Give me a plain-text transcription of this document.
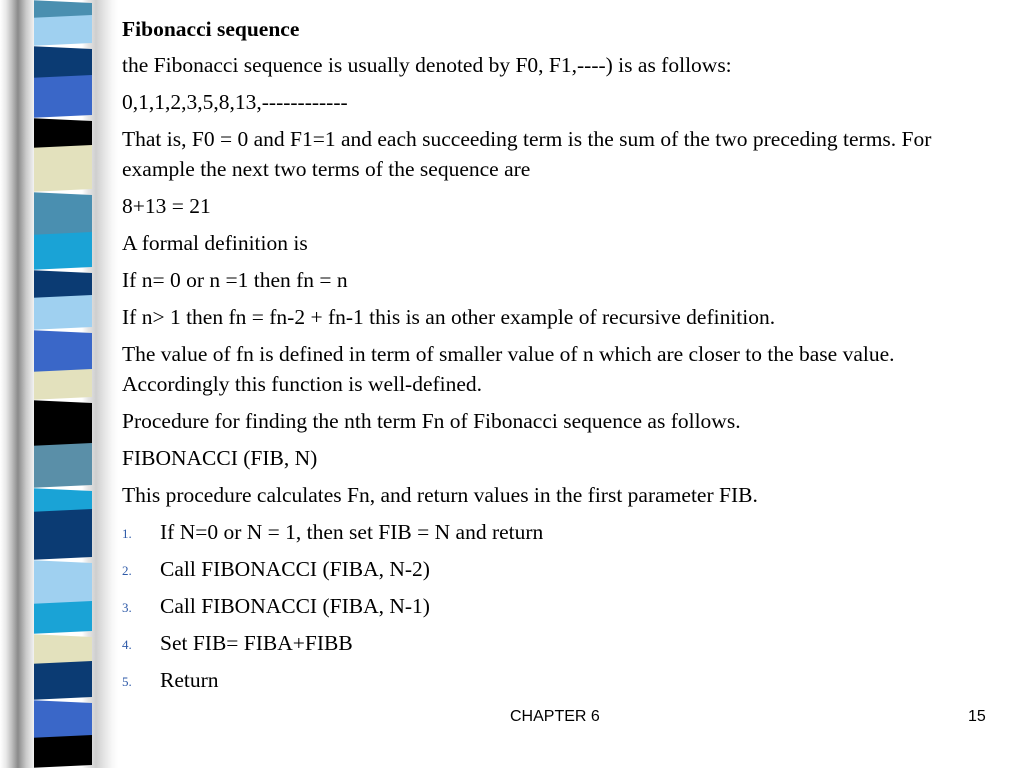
Fibonacci sequence
the Fibonacci sequence is usually denoted by F0, F1,----) is as follows:
0,1,1,2,3,5,8,13,------------
That is, F0 = 0 and F1=1 and each succeeding term is the sum of the two preceding terms. For example the next two terms of the sequence are
8+13 = 21
A formal definition is
If n= 0 or n =1 then fn = n
If n> 1 then fn = fn-2 + fn-1 this is an other example of recursive definition.
The value of fn is defined in term of smaller value of n which are closer to the base value. Accordingly this function is well-defined.
Procedure for finding the nth term Fn of Fibonacci sequence as follows.
FIBONACCI (FIB, N)
This procedure calculates Fn, and return values in the first parameter FIB.
1. If N=0 or N = 1, then set FIB = N and return
2. Call FIBONACCI (FIBA, N-2)
3. Call FIBONACCI (FIBA, N-1)
4. Set FIB= FIBA+FIBB
5. Return
CHAPTER 6	15
